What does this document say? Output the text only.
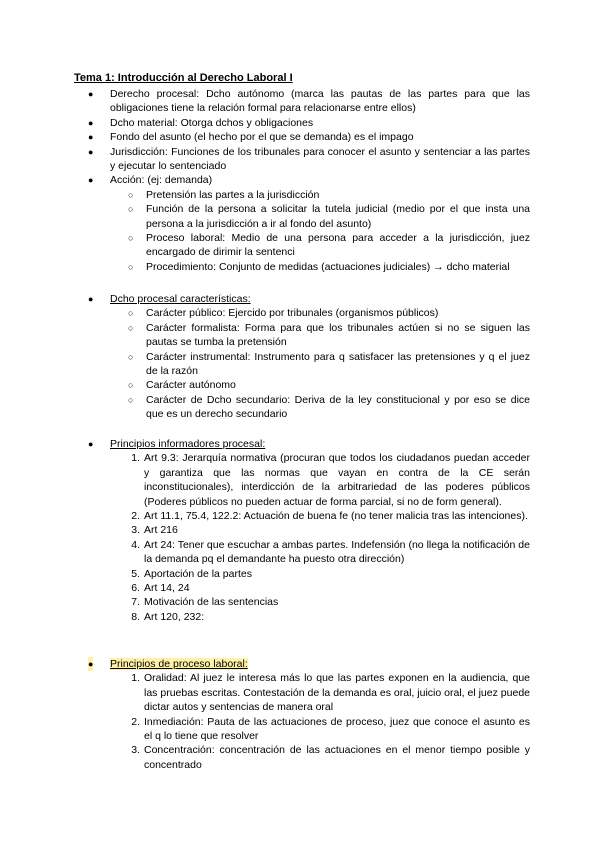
Tema 1: Introducción al Derecho Laboral I
● Derecho procesal: Dcho autónomo (marca las pautas de las partes para que las obligaciones tiene la relación formal para relacionarse entre ellos)
● Dcho material: Otorga dchos y obligaciones
● Fondo del asunto (el hecho por el que se demanda) es el impago
● Jurisdicción: Funciones de los tribunales para conocer el asunto y sentenciar a las partes y ejecutar lo sentenciado
● Acción: (ej: demanda)
○ Pretensión las partes a la jurisdicción
○ Función de la persona a solicitar la tutela judicial (medio por el que insta una persona a la jurisdicción a ir al fondo del asunto)
○ Proceso laboral: Medio de una persona para acceder a la jurisdicción, juez encargado de dirimir la sentenci
○ Procedimiento: Conjunto de medidas (actuaciones judiciales) → dcho material
● Dcho procesal características:
○ Carácter público: Ejercido por tribunales (organismos públicos)
○ Carácter formalista: Forma para que los tribunales actúen si no se siguen las pautas se tumba la pretensión
○ Carácter instrumental: Instrumento para q satisfacer las pretensiones y q el juez de la razón
○ Carácter autónomo
○ Carácter de Dcho secundario: Deriva de la ley constitucional y por eso se dice que es un derecho secundario
● Principios informadores procesal:
1. Art 9.3: Jerarquía normativa (procuran que todos los ciudadanos puedan acceder y garantiza que las normas que vayan en contra de la CE serán inconstitucionales), interdicción de la arbitrariedad de las poderes públicos (Poderes públicos no pueden actuar de forma parcial, si no de form general).
2. Art 11.1, 75.4, 122.2: Actuación de buena fe (no tener malicia tras las intenciones).
3. Art 216
4. Art 24: Tener que escuchar a ambas partes. Indefensión (no llega la notificación de la demanda pq el demandante ha puesto otra dirección)
5. Aportación de la partes
6. Art 14, 24
7. Motivación de las sentencias
8. Art 120, 232:
● Principios de proceso laboral:
1. Oralidad: Al juez le interesa más lo que las partes exponen en la audiencia, que las pruebas escritas. Contestación de la demanda es oral, juicio oral, el juez puede dictar autos y sentencias de manera oral
2. Inmediación: Pauta de las actuaciones de proceso, juez que conoce el asunto es el q lo tiene que resolver
3. Concentración: concentración de las actuaciones en el menor tiempo posible y concentrado
